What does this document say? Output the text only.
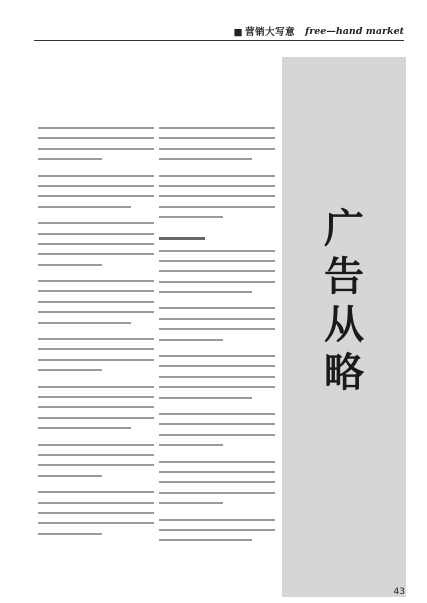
■ 营销大写意 free—hand market
广
告
从
略
43
